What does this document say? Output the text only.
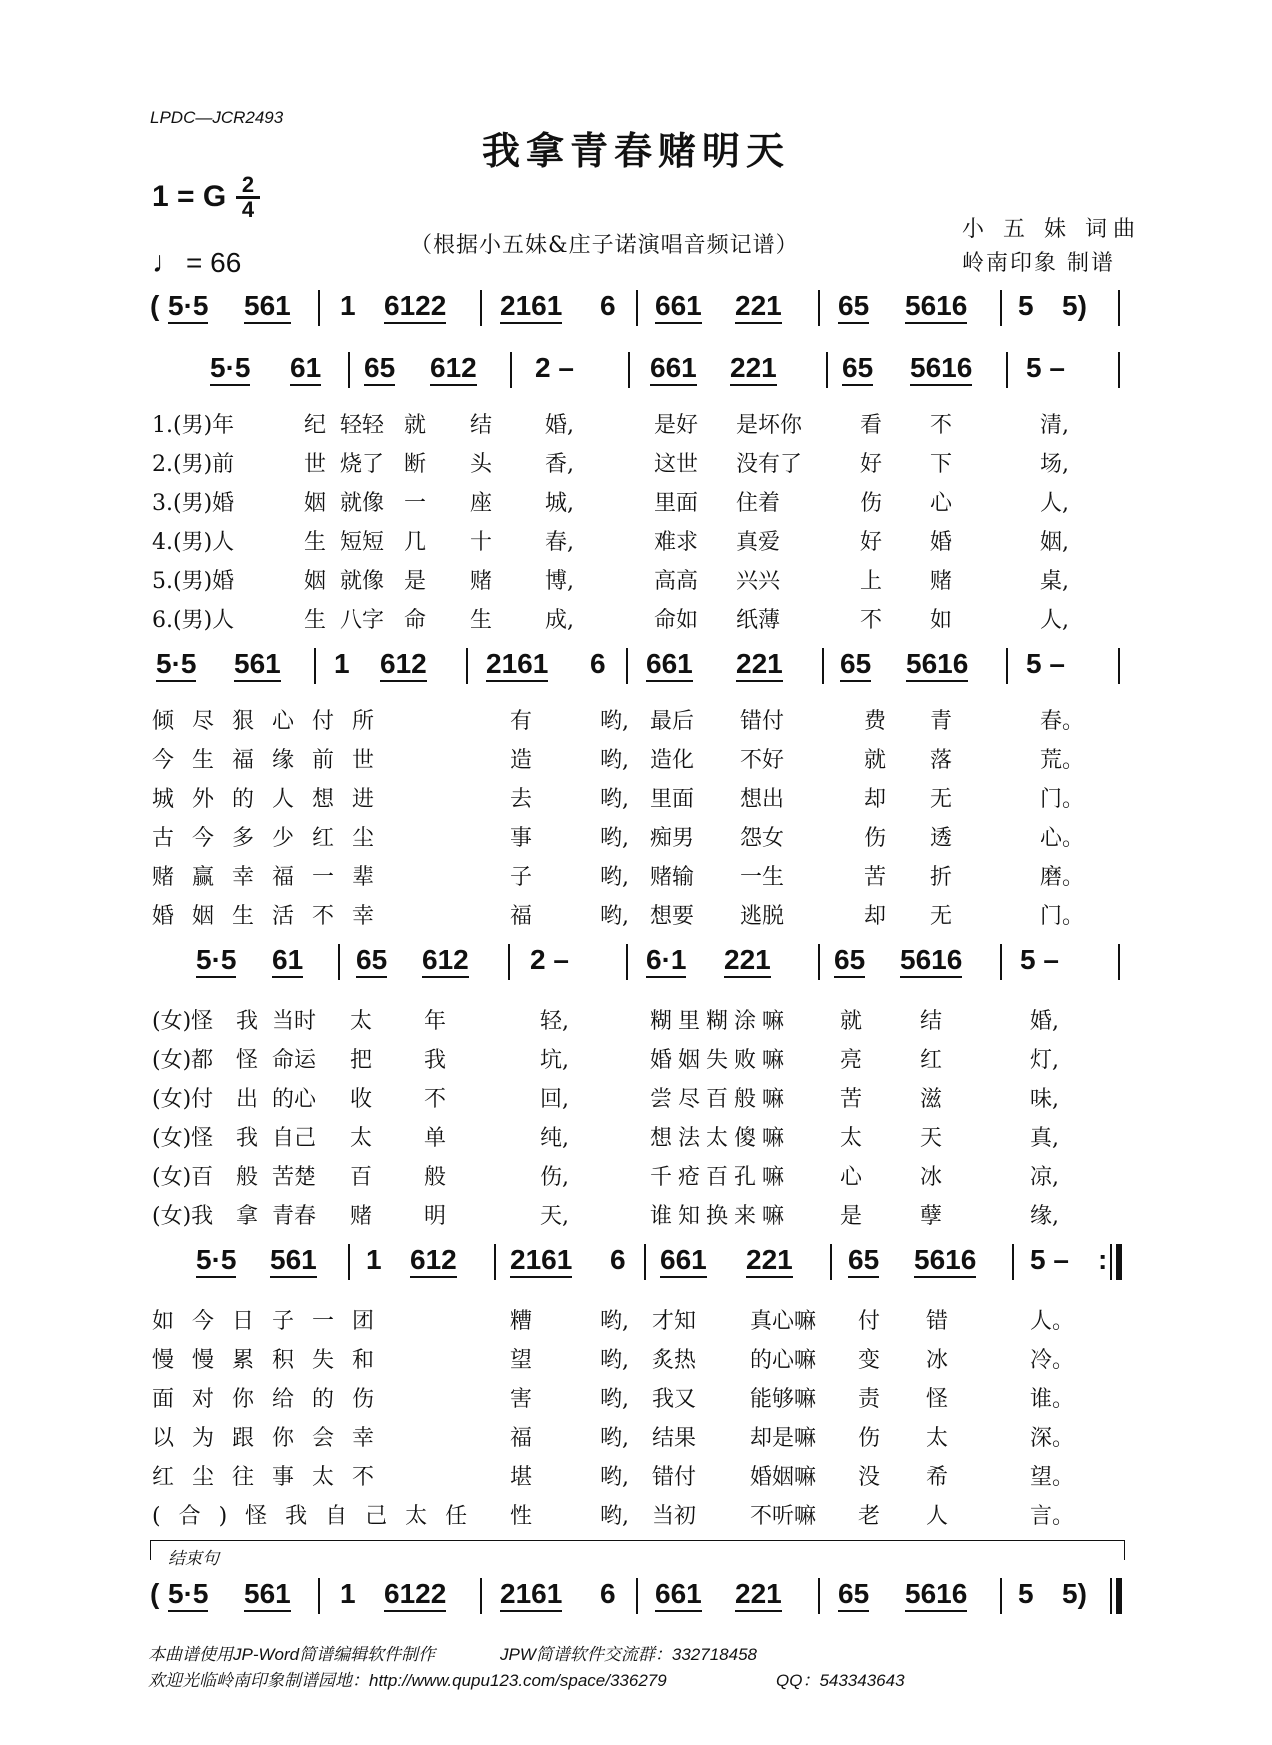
LPDC—JCR2493
我拿青春赌明天
1 = G 2
4
♩ = 66
（根据小五妹&庄子诺演唱音频记谱）
小 五 妹 词曲
岭南印象 制谱
( 5·5 561 1 6122 2161 6 661 221 65 5616 5 5)
5·5 61 65 612 2 –	661 221 65 5616 5 –
1.(男)年	纪 轻轻 就 结 婚,	是好 是坏你	看 不	清,
2.(男)前	世 烧了 断 头 香,	这世 没有了	好 下	场,
3.(男)婚	姻 就像 一 座 城,	里面 住着	伤 心	人,
4.(男)人	生 短短 几 十 春,	难求 真爱	好 婚	姻,
5.(男)婚	姻 就像 是 赌 博,	高高 兴兴	上 赌	桌,
6.(男)人	生 八字 命 生 成,	命如 纸薄	不 如	人,
5·5 561 1 612 2161 6 661 221 65 5616 5 –
倾尽狠心付所	有	哟, 最后 错付	费 青	春。
今生福缘前世	造	哟, 造化 不好	就 落	荒。
城外的人想进	去	哟, 里面 想出	却 无	门。
古今多少红尘	事	哟, 痴男 怨女	伤 透	心。
赌赢幸福一辈	子	哟, 赌输 一生	苦 折	磨。
婚姻生活不幸	福	哟, 想要 逃脱	却 无	门。
5·5 61 65 612 2 –	6·1 221 65 5616 5 –
(女)怪 我 当时 太 年	轻,	糊里糊涂嘛 就	结	婚,
(女)都 怪 命运 把 我	坑,	婚姻失败嘛 亮	红	灯,
(女)付 出 的心 收 不	回,	尝尽百般嘛 苦	滋	味,
(女)怪 我 自己 太 单	纯,	想法太傻嘛 太	天	真,
(女)百 般 苦楚 百 般	伤,	千疮百孔嘛 心	冰	凉,
(女)我 拿 青春 赌 明	天,	谁知换来嘛 是	孽	缘,
5·5 561 1 612 2161 6 661 221 65 5616 5 – :
如今日子一团	糟	哟, 才知 真心嘛 付 错	人。
慢慢累积失和	望	哟, 炙热 的心嘛 变 冰	冷。
面对你给的伤	害	哟, 我又 能够嘛 责 怪	谁。
以为跟你会幸	福	哟, 结果 却是嘛 伤 太	深。
红尘往事太不	堪	哟, 错付 婚姻嘛 没 希	望。
(合)怪我自己太任 性	哟, 当初 不听嘛 老 人	言。
结束句
( 5·5 561 1 6122 2161 6 661 221 65 5616 5 5)
本曲谱使用JP-Word简谱编辑软件制作	JPW简谱软件交流群：332718458
欢迎光临岭南印象制谱园地：http://www.qupu123.com/space/336279	QQ：543343643
